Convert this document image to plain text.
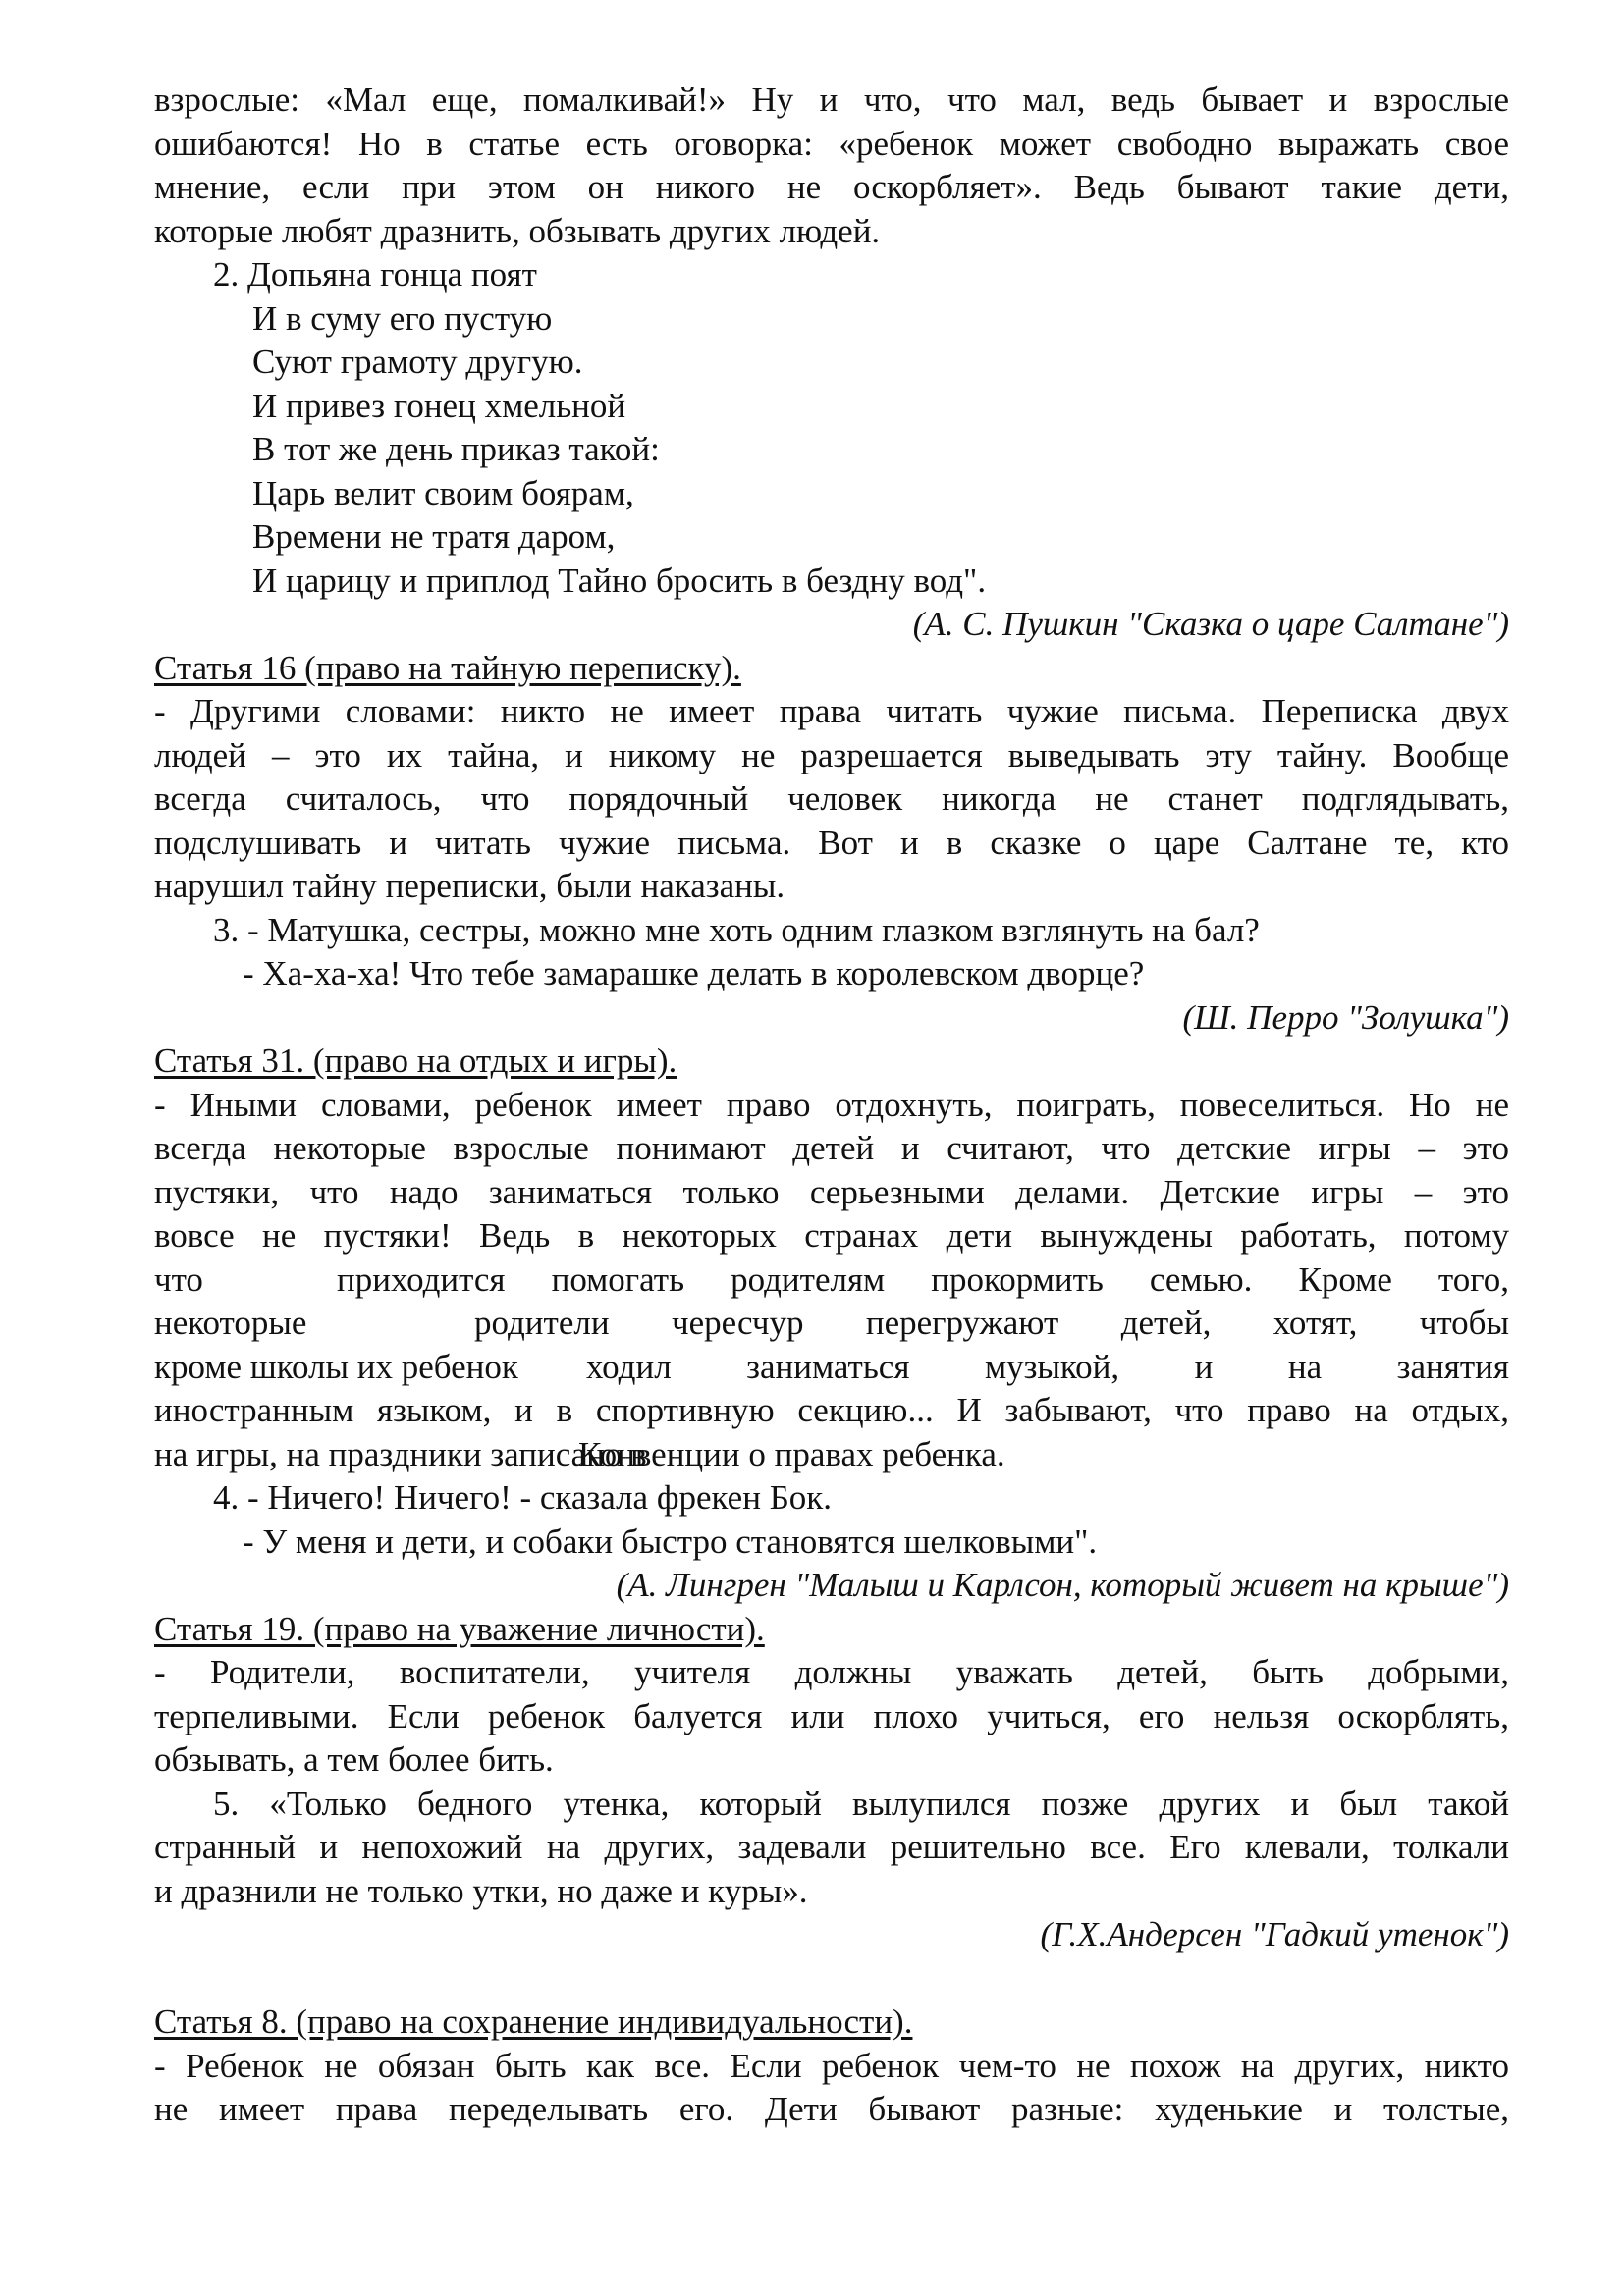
взрослые: «Мал еще, помалкивай!» Ну и что, что мал, ведь бывает и взрослые
ошибаются! Но в статье есть оговорка: «ребенок может свободно выражать свое
мнение, если при этом он никого не оскорбляет». Ведь бывают такие дети,
которые любят дразнить, обзывать других людей.
2. Допьяна гонца поят
И в суму его пустую
Суют грамоту другую.
И привез гонец хмельной
В тот же день приказ такой:
Царь велит своим боярам,
Времени не тратя даром,
И царицу и приплод Тайно бросить в бездну вод".
(А. С. Пушкин "Сказка о царе Салтане")
Статья 16 (право на тайную переписку).
- Другими словами: никто не имеет права читать чужие письма. Переписка двух
людей – это их тайна, и никому не разрешается выведывать эту тайну. Вообще
всегда считалось, что порядочный человек никогда не станет подглядывать,
подслушивать и читать чужие письма. Вот и в сказке о царе Салтане те, кто
нарушил тайну переписки, были наказаны.
3. - Матушка, сестры, можно мне хоть одним глазком взглянуть на бал?
- Ха-ха-ха! Что тебе замарашке делать в королевском дворце?
(Ш. Перро "Золушка")
Статья 31. (право на отдых и игры).
- Иными словами, ребенок имеет право отдохнуть, поиграть, повеселиться. Но не
всегда некоторые взрослые понимают детей и считают, что детские игры – это
пустяки, что надо заниматься только серьезными делами. Детские игры – это
вовсе не пустяки! Ведь в некоторых странах дети вынуждены работать, потому
что	приходится помогать родителям прокормить семью. Кроме того,
некоторые	родители чересчур перегружают детей, хотят, чтобы
кроме школы их ребенок ходил заниматься музыкой, и на занятия
иностранным языком, и в спортивную секцию... И забывают, что право на отдых,
на игры, на праздники записано вКонвенции о правах ребенка.
4. - Ничего! Ничего! - сказала фрекен Бок.
- У меня и дети, и собаки быстро становятся шелковыми".
(А. Лингрен "Малыш и Карлсон, который живет на крыше")
Статья 19. (право на уважение личности).
- Родители, воспитатели, учителя должны уважать детей, быть добрыми,
терпеливыми. Если ребенок балуется или плохо учиться, его нельзя оскорблять,
обзывать, а тем более бить.
5. «Только бедного утенка, который вылупился позже других и был такой
странный и непохожий на других, задевали решительно все. Его клевали, толкали
и дразнили не только утки, но даже и куры».
(Г.Х.Андерсен "Гадкий утенок")
Статья 8. (право на сохранение индивидуальности).
- Ребенок не обязан быть как все. Если ребенок чем-то не похож на других, никто
не имеет права переделывать его. Дети бывают разные: худенькие и толстые,
